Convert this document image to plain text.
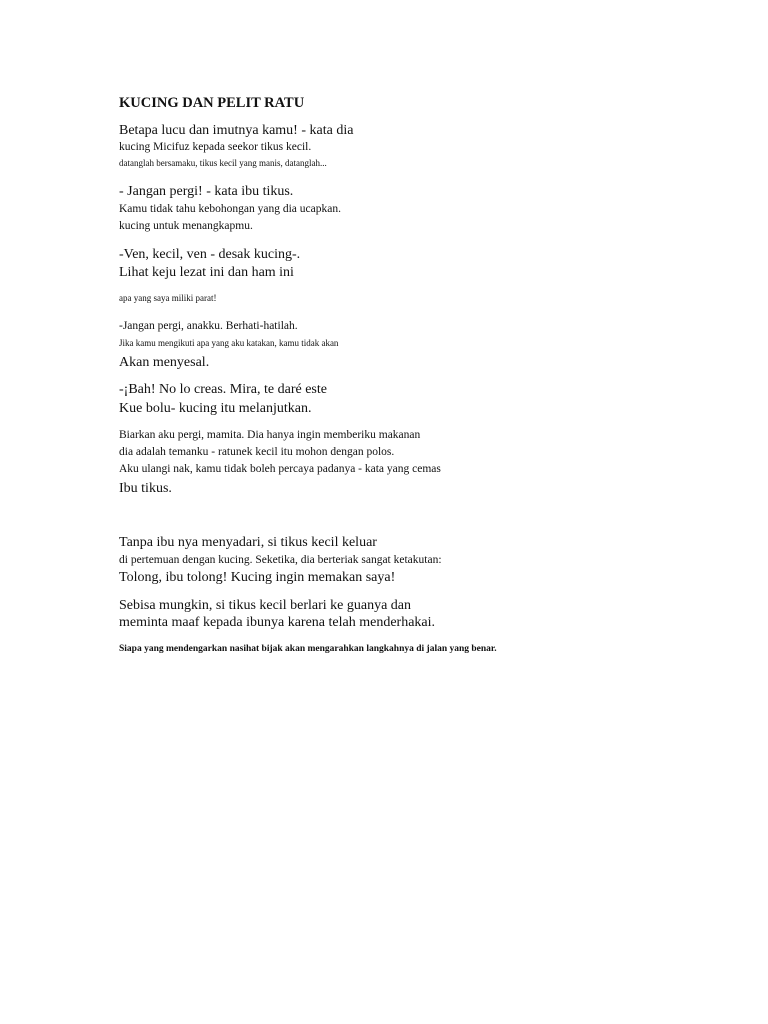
KUCING DAN PELIT RATU

Betapa lucu dan imutnya kamu! - kata dia

kucing Micifuz kepada seekor tikus kecil.

datanglah bersamaku, tikus kecil yang manis, datanglah...

- Jangan pergi! - kata ibu tikus.

Kamu tidak tahu kebohongan yang dia ucapkan.

kucing untuk menangkapmu.

-Ven, kecil, ven - desak kucing-.

Lihat keju lezat ini dan ham ini

apa yang saya miliki parat!

-Jangan pergi, anakku. Berhati-hatilah.

Jika kamu mengikuti apa yang aku katakan, kamu tidak akan

Akan menyesal.

-¡Bah! No lo creas. Mira, te daré este

Kue bolu- kucing itu melanjutkan.

Biarkan aku pergi, mamita. Dia hanya ingin memberiku makanan

dia adalah temanku - ratunek kecil itu mohon dengan polos.

Aku ulangi nak, kamu tidak boleh percaya padanya - kata yang cemas

Ibu tikus.

Tanpa ibu nya menyadari, si tikus kecil keluar

di pertemuan dengan kucing. Seketika, dia berteriak sangat ketakutan:

Tolong, ibu tolong! Kucing ingin memakan saya!

Sebisa mungkin, si tikus kecil berlari ke guanya dan

meminta maaf kepada ibunya karena telah menderhakai.

Siapa yang mendengarkan nasihat bijak akan mengarahkan langkahnya di jalan yang benar.
